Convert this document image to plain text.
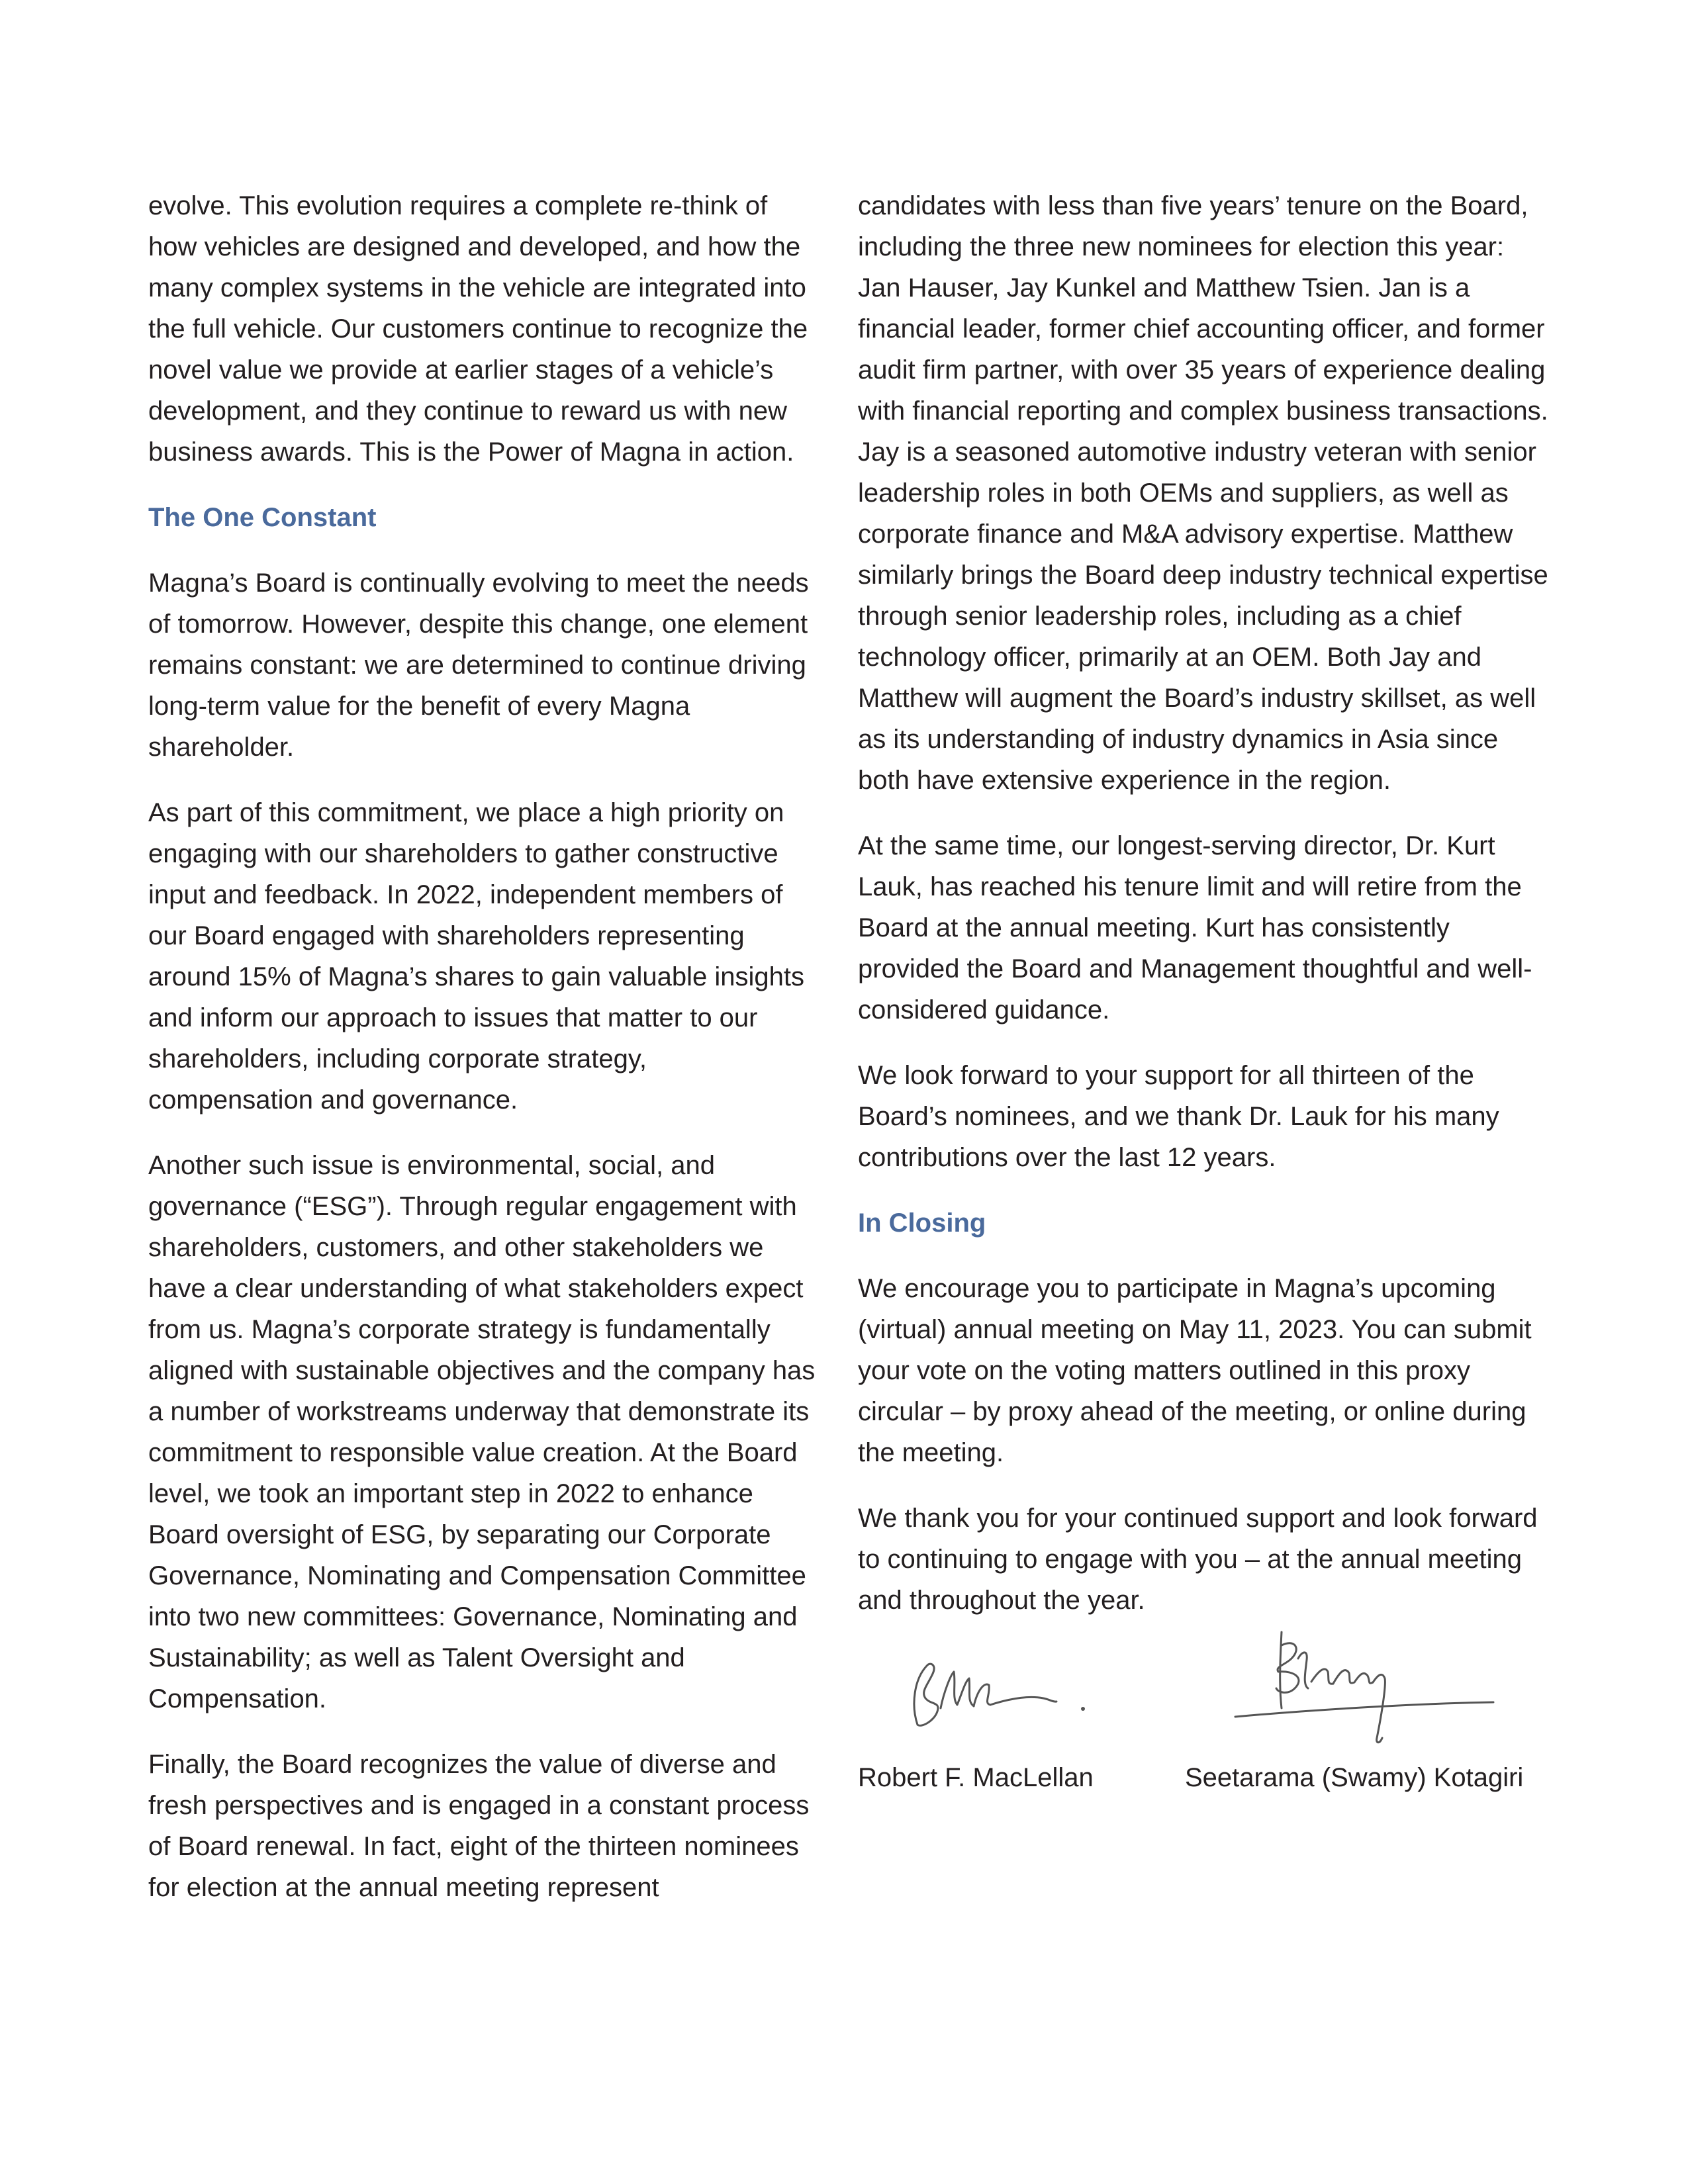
evolve. This evolution requires a complete re-think of how vehicles are designed and developed, and how the many complex systems in the vehicle are integrated into the full vehicle. Our customers continue to recognize the novel value we provide at earlier stages of a vehicle’s development, and they continue to reward us with new business awards. This is the Power of Magna in action.

The One Constant

Magna’s Board is continually evolving to meet the needs of tomorrow. However, despite this change, one element remains constant: we are determined to continue driving long-term value for the benefit of every Magna shareholder.

As part of this commitment, we place a high priority on engaging with our shareholders to gather constructive input and feedback. In 2022, independent members of our Board engaged with shareholders representing around 15% of Magna’s shares to gain valuable insights and inform our approach to issues that matter to our shareholders, including corporate strategy, compensation and governance.

Another such issue is environmental, social, and governance (“ESG”). Through regular engagement with shareholders, customers, and other stakeholders we have a clear understanding of what stakeholders expect from us. Magna’s corporate strategy is fundamentally aligned with sustainable objectives and the company has a number of workstreams underway that demonstrate its commitment to responsible value creation. At the Board level, we took an important step in 2022 to enhance Board oversight of ESG, by separating our Corporate Governance, Nominating and Compensation Committee into two new committees: Governance, Nominating and Sustainability; as well as Talent Oversight and Compensation.

Finally, the Board recognizes the value of diverse and fresh perspectives and is engaged in a constant process of Board renewal. In fact, eight of the thirteen nominees for election at the annual meeting represent

candidates with less than five years’ tenure on the Board, including the three new nominees for election this year: Jan Hauser, Jay Kunkel and Matthew Tsien. Jan is a financial leader, former chief accounting officer, and former audit firm partner, with over 35 years of experience dealing with financial reporting and complex business transactions. Jay is a seasoned automotive industry veteran with senior leadership roles in both OEMs and suppliers, as well as corporate finance and M&A advisory expertise. Matthew similarly brings the Board deep industry technical expertise through senior leadership roles, including as a chief technology officer, primarily at an OEM. Both Jay and Matthew will augment the Board’s industry skillset, as well as its understanding of industry dynamics in Asia since both have extensive experience in the region.

At the same time, our longest-serving director, Dr. Kurt Lauk, has reached his tenure limit and will retire from the Board at the annual meeting. Kurt has consistently provided the Board and Management thoughtful and well-considered guidance.

We look forward to your support for all thirteen of the Board’s nominees, and we thank Dr. Lauk for his many contributions over the last 12 years.

In Closing

We encourage you to participate in Magna’s upcoming (virtual) annual meeting on May 11, 2023. You can submit your vote on the voting matters outlined in this proxy circular – by proxy ahead of the meeting, or online during the meeting.

We thank you for your continued support and look forward to continuing to engage with you – at the annual meeting and throughout the year.

Robert F. MacLellan	Seetarama (Swamy) Kotagiri
